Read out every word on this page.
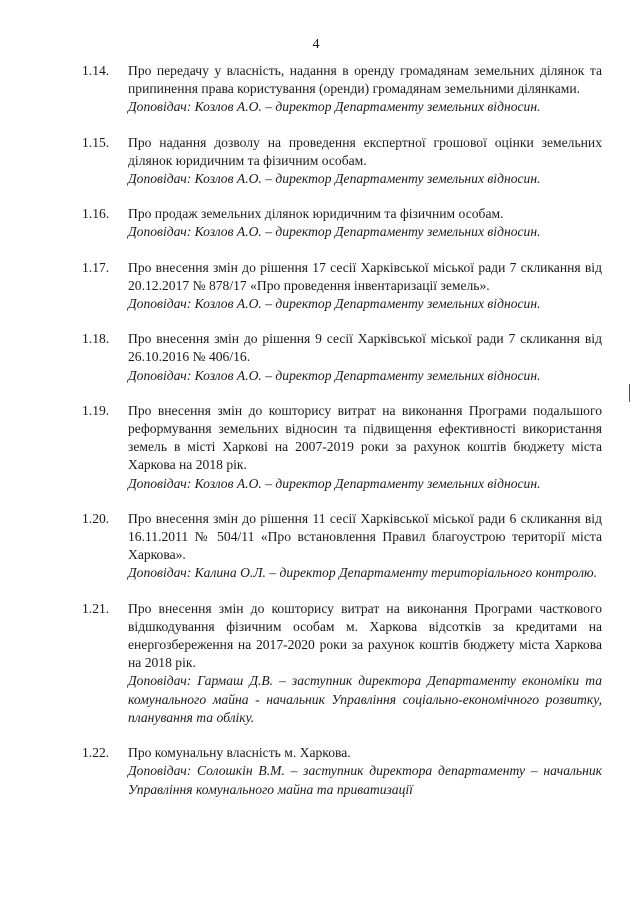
4
1.14.	Про передачу у власність, надання в оренду громадянам земельних ділянок та припинення права користування (оренди) громадянам земельними ділянками.
Доповідач: Козлов А.О. – директор Департаменту земельних відносин.
1.15.	Про надання дозволу на проведення експертної грошової оцінки земельних ділянок юридичним та фізичним особам.
Доповідач: Козлов А.О. – директор Департаменту земельних відносин.
1.16.	Про продаж земельних ділянок юридичним та фізичним особам.
Доповідач: Козлов А.О. – директор Департаменту земельних відносин.
1.17.	Про внесення змін до рішення 17 сесії Харківської міської ради 7 скликання від 20.12.2017 № 878/17 «Про проведення інвентаризації земель».
Доповідач: Козлов А.О. – директор Департаменту земельних відносин.
1.18.	Про внесення змін до рішення 9 сесії Харківської міської ради 7 скликання від 26.10.2016 № 406/16.
Доповідач: Козлов А.О. – директор Департаменту земельних відносин.
1.19.	Про внесення змін до кошторису витрат на виконання Програми подальшого реформування земельних відносин та підвищення ефективності використання земель в місті Харкові на 2007-2019 роки за рахунок коштів бюджету міста Харкова на 2018 рік.
Доповідач: Козлов А.О. – директор Департаменту земельних відносин.
1.20.	Про внесення змін до рішення 11 сесії Харківської міської ради 6 скликання від 16.11.2011 № 504/11 «Про встановлення Правил благоустрою території міста Харкова».
Доповідач: Калина О.Л. – директор Департаменту територіального контролю.
1.21.	Про внесення змін до кошторису витрат на виконання Програми часткового відшкодування фізичним особам м. Харкова відсотків за кредитами на енергозбереження на 2017-2020 роки за рахунок коштів бюджету міста Харкова на 2018 рік.
Доповідач: Гармаш Д.В. – заступник директора Департаменту економіки та комунального майна - начальник Управління соціально-економічного розвитку, планування та обліку.
1.22.	Про комунальну власність м. Харкова.
Доповідач: Солошкін В.М. – заступник директора департаменту – начальник Управління комунального майна та приватизації
